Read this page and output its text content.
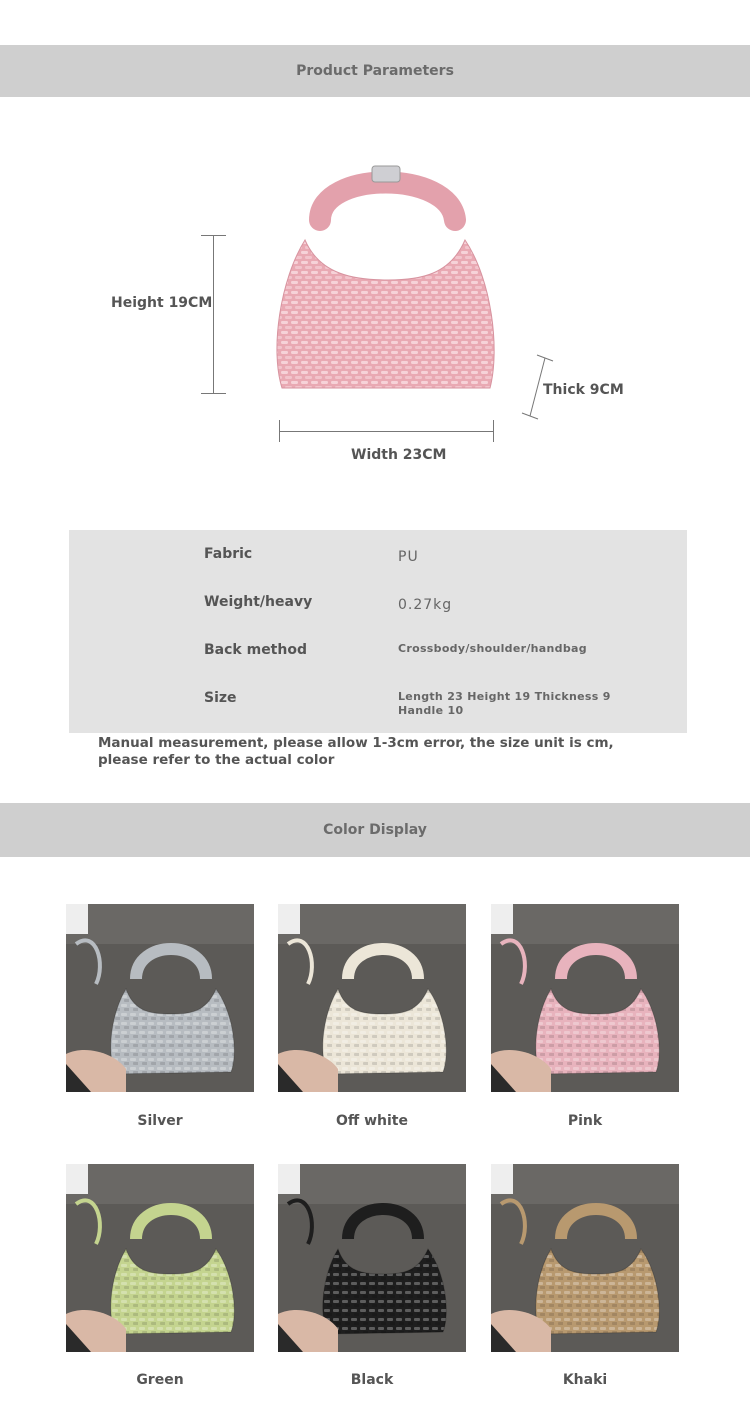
Product Parameters
Height 19CM
Width 23CM
Thick 9CM
Fabric	PU
Weight/heavy	0.27kg
Back method	Crossbody/shoulder/handbag
Size	Length 23 Height 19 Thickness 9 Handle 10
Manual measurement, please allow 1-3cm error, the size unit is cm, please refer to the actual color
Color Display
Silver	Off white	Pink
Green	Black	Khaki
